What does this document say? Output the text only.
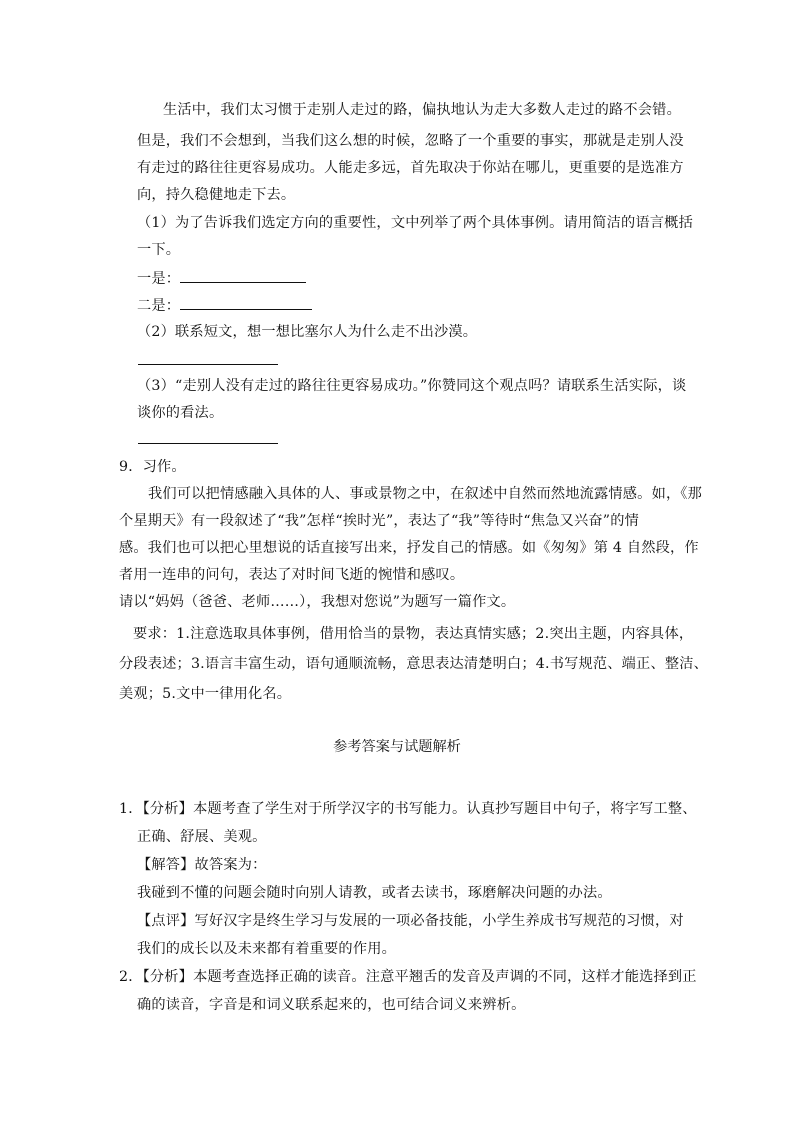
生活中，我们太习惯于走别人走过的路，偏执地认为走大多数人走过的路不会错。
但是，我们不会想到，当我们这么想的时候，忽略了一个重要的事实，那就是走别人没
有走过的路往往更容易成功。人能走多远，首先取决于你站在哪儿，更重要的是选准方
向，持久稳健地走下去。
（1）为了告诉我们选定方向的重要性，文中列举了两个具体事例。请用简洁的语言概括
一下。
一是：
二是：
（2）联系短文，想一想比塞尔人为什么走不出沙漠。
（3）“走别人没有走过的路往往更容易成功。”你赞同这个观点吗？请联系生活实际，谈
谈你的看法。
9．习作。
我们可以把情感融入具体的人、事或景物之中，在叙述中自然而然地流露情感。如，《那
个星期天》有一段叙述了“我”怎样“挨时光”，表达了“我”等待时“焦急又兴奋”的情
感。我们也可以把心里想说的话直接写出来，抒发自己的情感。如《匆匆》第 4 自然段，作
者用一连串的问句，表达了对时间飞逝的惋惜和感叹。
请以“妈妈（爸爸、老师……），我想对您说”为题写一篇作文。
要求：1.注意选取具体事例，借用恰当的景物，表达真情实感；2.突出主题，内容具体，
分段表述；3.语言丰富生动，语句通顺流畅，意思表达清楚明白；4.书写规范、端正、整洁、
美观；5.文中一律用化名。
参考答案与试题解析
1．【分析】本题考查了学生对于所学汉字的书写能力。认真抄写题目中句子，将字写工整、
正确、舒展、美观。
【解答】故答案为：
我碰到不懂的问题会随时向别人请教，或者去读书，琢磨解决问题的办法。
【点评】写好汉字是终生学习与发展的一项必备技能，小学生养成书写规范的习惯，对
我们的成长以及未来都有着重要的作用。
2．【分析】本题考查选择正确的读音。注意平翘舌的发音及声调的不同，这样才能选择到正
确的读音，字音是和词义联系起来的，也可结合词义来辨析。
